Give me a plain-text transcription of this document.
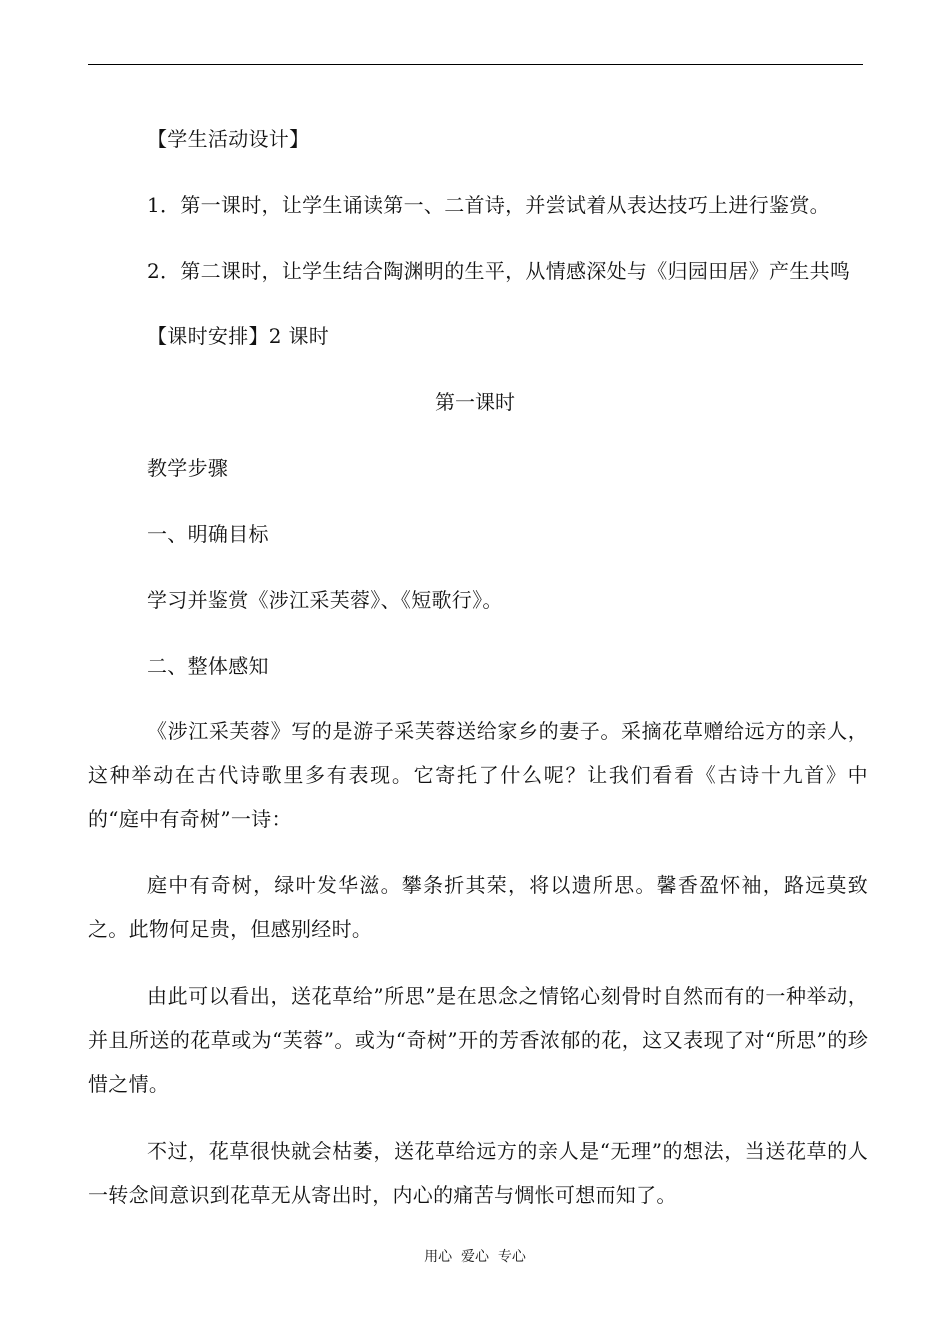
【学生活动设计】
1．第一课时，让学生诵读第一、二首诗，并尝试着从表达技巧上进行鉴赏。
2．第二课时，让学生结合陶渊明的生平，从情感深处与《归园田居》产生共鸣
【课时安排】2 课时
第一课时
教学步骤
一、明确目标
学习并鉴赏《涉江采芙蓉》、《短歌行》。
二、整体感知
《涉江采芙蓉》写的是游子采芙蓉送给家乡的妻子。采摘花草赠给远方的亲人，这种举动在古代诗歌里多有表现。它寄托了什么呢？让我们看看《古诗十九首》中的“庭中有奇树”一诗：
庭中有奇树，绿叶发华滋。攀条折其荣，将以遗所思。馨香盈怀袖，路远莫致之。此物何足贵，但感别经时。
由此可以看出，送花草给”所思”是在思念之情铭心刻骨时自然而有的一种举动，并且所送的花草或为“芙蓉”。或为“奇树”开的芳香浓郁的花，这又表现了对“所思”的珍惜之情。
不过，花草很快就会枯萎，送花草给远方的亲人是“无理”的想法，当送花草的人一转念间意识到花草无从寄出时，内心的痛苦与惆怅可想而知了。
用心  爱心  专心
